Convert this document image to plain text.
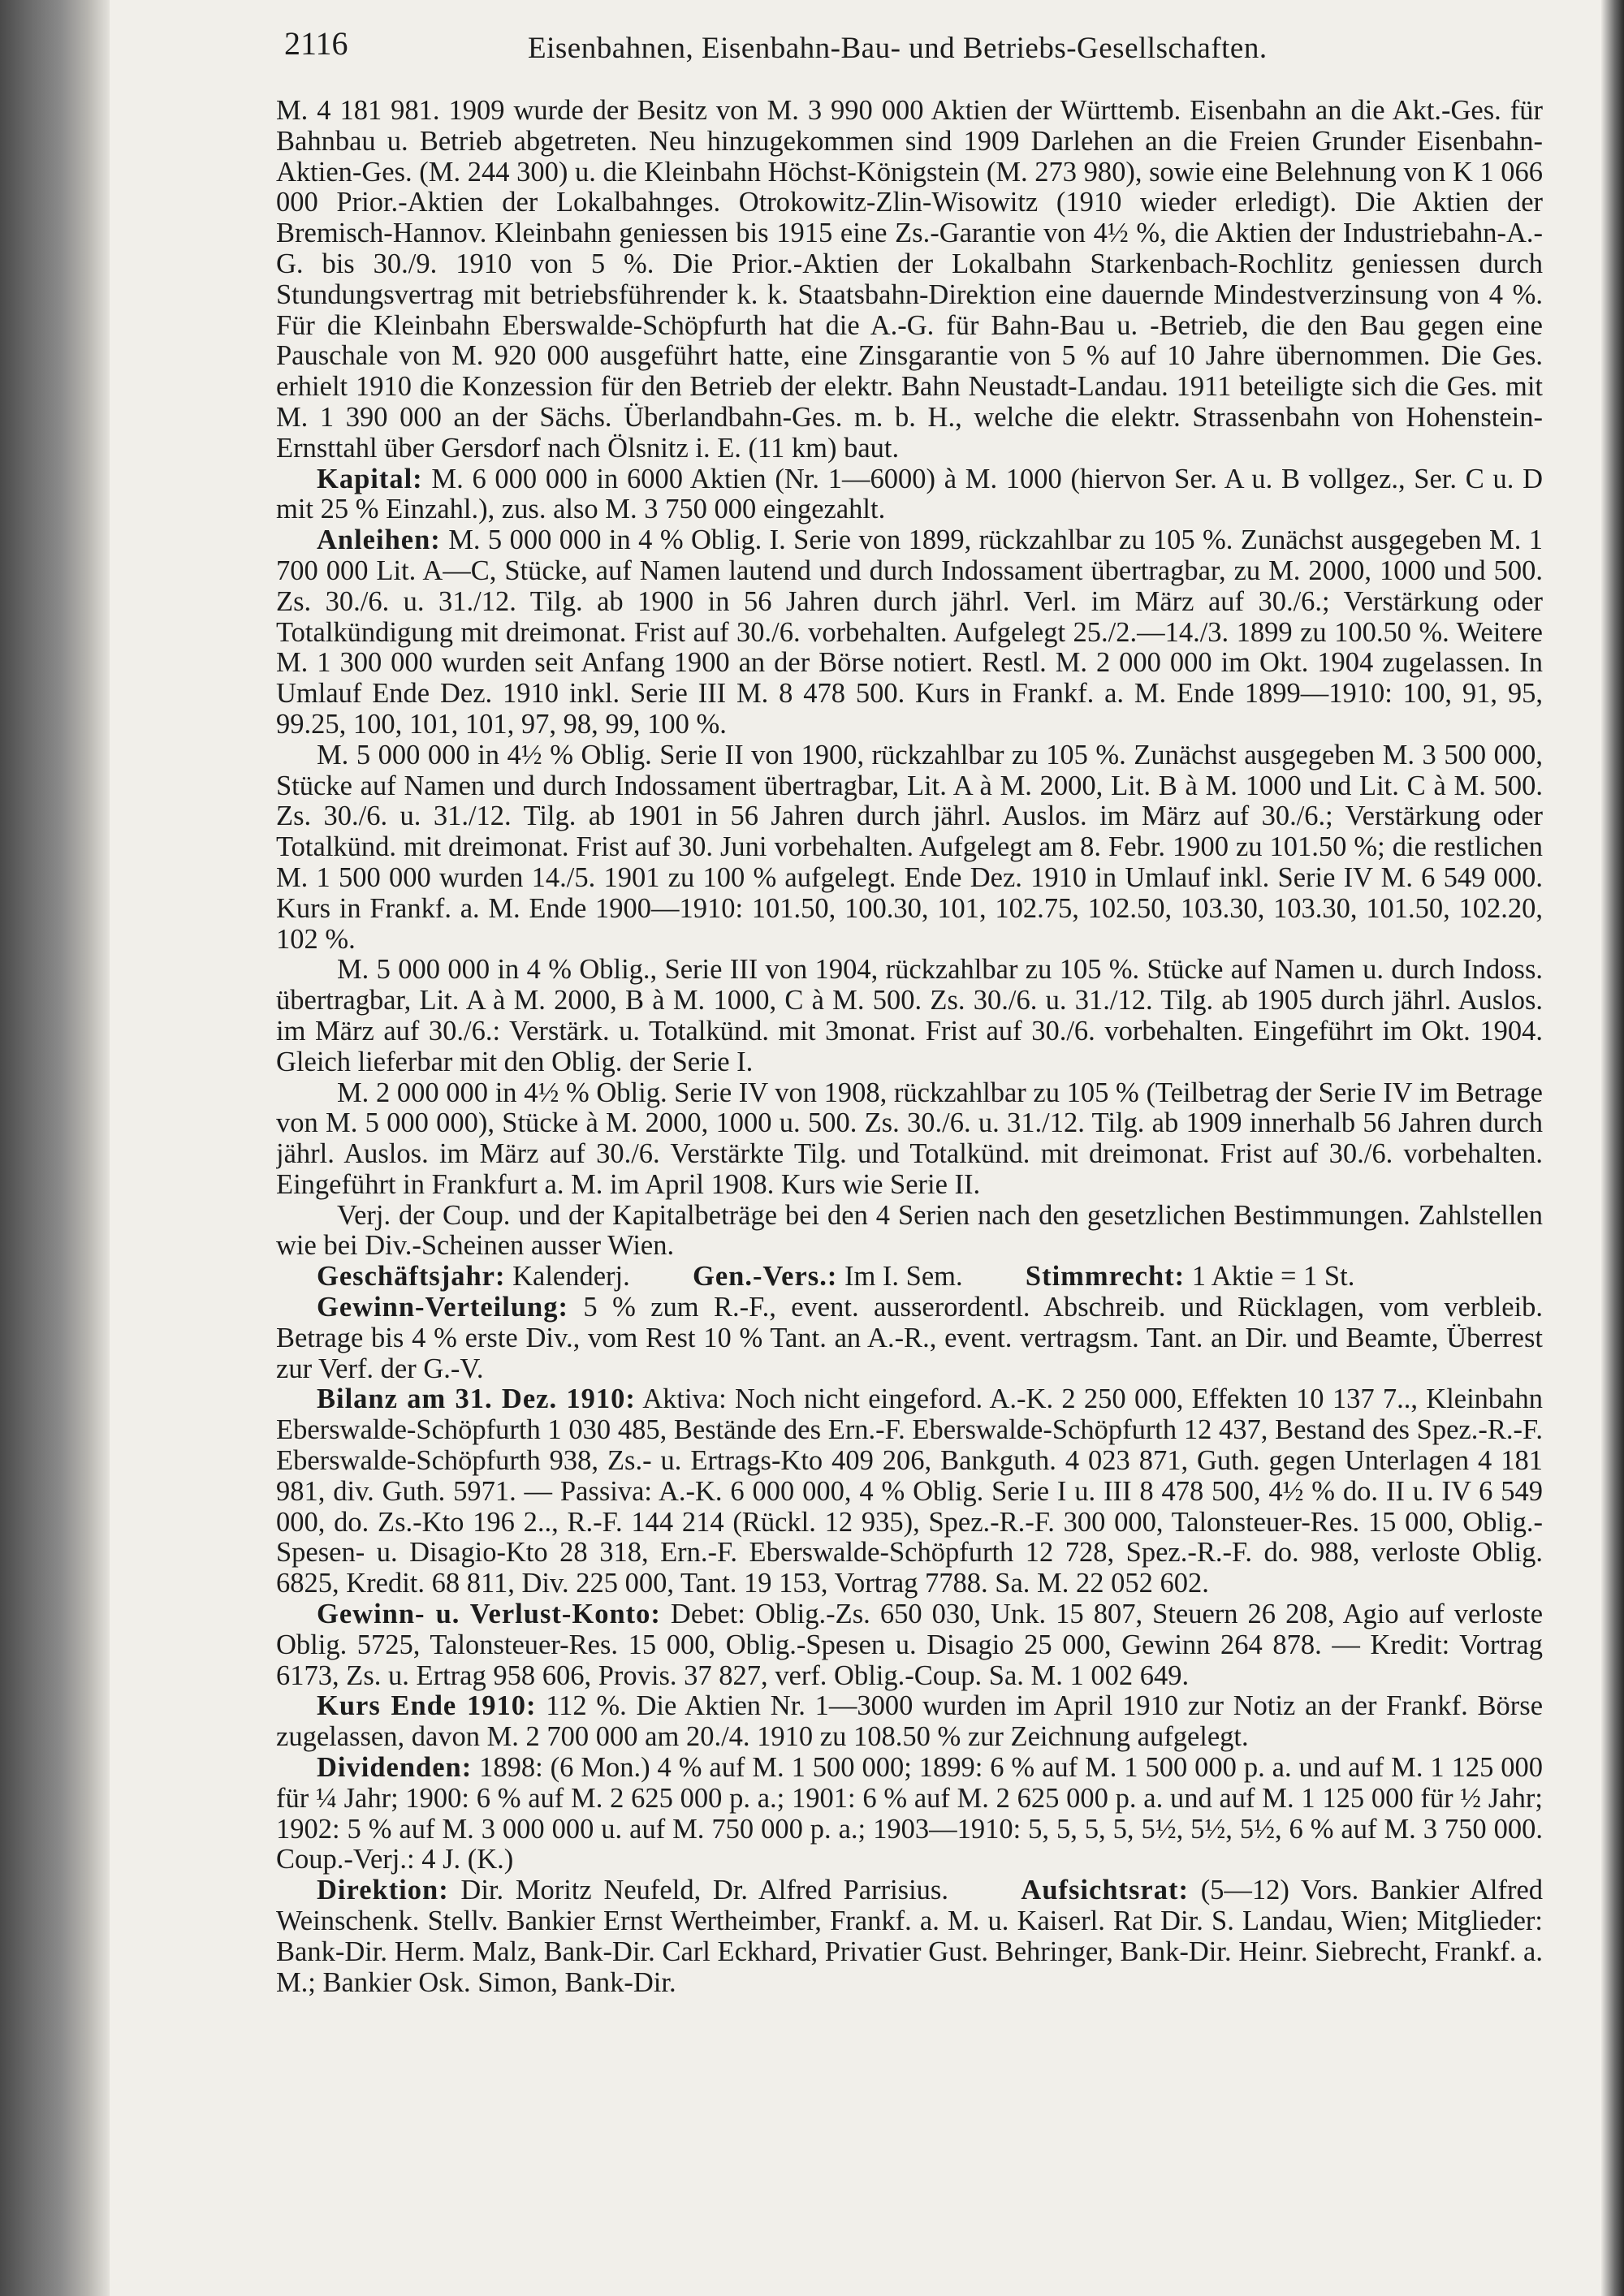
2116	Eisenbahnen, Eisenbahn-Bau- und Betriebs-Gesellschaften.

M. 4 181 981. 1909 wurde der Besitz von M. 3 990 000 Aktien der Württemb. Eisenbahn an die Akt.-Ges. für Bahnbau u. Betrieb abgetreten. Neu hinzugekommen sind 1909 Darlehen an die Freien Grunder Eisenbahn-Aktien-Ges. (M. 244 300) u. die Kleinbahn Höchst-Königstein (M. 273 980), sowie eine Belehnung von K 1 066 000 Prior.-Aktien der Lokalbahnges. Otrokowitz-Zlin-Wisowitz (1910 wieder erledigt). Die Aktien der Bremisch-Hannov. Kleinbahn geniessen bis 1915 eine Zs.-Garantie von 4½ %, die Aktien der Industriebahn-A.-G. bis 30./9. 1910 von 5 %. Die Prior.-Aktien der Lokalbahn Starkenbach-Rochlitz geniessen durch Stundungsvertrag mit betriebsführender k. k. Staatsbahn-Direktion eine dauernde Mindestverzinsung von 4 %. Für die Kleinbahn Eberswalde-Schöpfurth hat die A.-G. für Bahn-Bau u. -Betrieb, die den Bau gegen eine Pauschale von M. 920 000 ausgeführt hatte, eine Zinsgarantie von 5 % auf 10 Jahre übernommen. Die Ges. erhielt 1910 die Konzession für den Betrieb der elektr. Bahn Neustadt-Landau. 1911 beteiligte sich die Ges. mit M. 1 390 000 an der Sächs. Überlandbahn-Ges. m. b. H., welche die elektr. Strassenbahn von Hohenstein-Ernsttahl über Gersdorf nach Ölsnitz i. E. (11 km) baut.

Kapital: M. 6 000 000 in 6000 Aktien (Nr. 1—6000) à M. 1000 (hiervon Ser. A u. B vollgez., Ser. C u. D mit 25 % Einzahl.), zus. also M. 3 750 000 eingezahlt.

Anleihen: M. 5 000 000 in 4 % Oblig. I. Serie von 1899, rückzahlbar zu 105 %. Zunächst ausgegeben M. 1 700 000 Lit. A—C, Stücke, auf Namen lautend und durch Indossament übertragbar, zu M. 2000, 1000 und 500. Zs. 30./6. u. 31./12. Tilg. ab 1900 in 56 Jahren durch jährl. Verl. im März auf 30./6.; Verstärkung oder Totalkündigung mit dreimonat. Frist auf 30./6. vorbehalten. Aufgelegt 25./2.—14./3. 1899 zu 100.50 %. Weitere M. 1 300 000 wurden seit Anfang 1900 an der Börse notiert. Restl. M. 2 000 000 im Okt. 1904 zugelassen. In Umlauf Ende Dez. 1910 inkl. Serie III M. 8 478 500. Kurs in Frankf. a. M. Ende 1899—1910: 100, 91, 95, 99.25, 100, 101, 101, 97, 98, 99, 100 %.

M. 5 000 000 in 4½ % Oblig. Serie II von 1900, rückzahlbar zu 105 %. Zunächst ausgegeben M. 3 500 000, Stücke auf Namen und durch Indossament übertragbar, Lit. A à M. 2000, Lit. B à M. 1000 und Lit. C à M. 500. Zs. 30./6. u. 31./12. Tilg. ab 1901 in 56 Jahren durch jährl. Auslos. im März auf 30./6.; Verstärkung oder Totalkünd. mit dreimonat. Frist auf 30. Juni vorbehalten. Aufgelegt am 8. Febr. 1900 zu 101.50 %; die restlichen M. 1 500 000 wurden 14./5. 1901 zu 100 % aufgelegt. Ende Dez. 1910 in Umlauf inkl. Serie IV M. 6 549 000. Kurs in Frankf. a. M. Ende 1900—1910: 101.50, 100.30, 101, 102.75, 102.50, 103.30, 103.30, 101.50, 102.20, 102 %.

M. 5 000 000 in 4 % Oblig., Serie III von 1904, rückzahlbar zu 105 %. Stücke auf Namen u. durch Indoss. übertragbar, Lit. A à M. 2000, B à M. 1000, C à M. 500. Zs. 30./6. u. 31./12. Tilg. ab 1905 durch jährl. Auslos. im März auf 30./6.: Verstärk. u. Totalkünd. mit 3monat. Frist auf 30./6. vorbehalten. Eingeführt im Okt. 1904. Gleich lieferbar mit den Oblig. der Serie I.

M. 2 000 000 in 4½ % Oblig. Serie IV von 1908, rückzahlbar zu 105 % (Teilbetrag der Serie IV im Betrage von M. 5 000 000), Stücke à M. 2000, 1000 u. 500. Zs. 30./6. u. 31./12. Tilg. ab 1909 innerhalb 56 Jahren durch jährl. Auslos. im März auf 30./6. Verstärkte Tilg. und Totalkünd. mit dreimonat. Frist auf 30./6. vorbehalten. Eingeführt in Frankfurt a. M. im April 1908. Kurs wie Serie II.

Verj. der Coup. und der Kapitalbeträge bei den 4 Serien nach den gesetzlichen Bestimmungen. Zahlstellen wie bei Div.-Scheinen ausser Wien.

Geschäftsjahr: Kalenderj. Gen.-Vers.: Im I. Sem. Stimmrecht: 1 Aktie = 1 St.

Gewinn-Verteilung: 5 % zum R.-F., event. ausserordentl. Abschreib. und Rücklagen, vom verbleib. Betrage bis 4 % erste Div., vom Rest 10 % Tant. an A.-R., event. vertragsm. Tant. an Dir. und Beamte, Überrest zur Verf. der G.-V.

Bilanz am 31. Dez. 1910: Aktiva: Noch nicht eingeford. A.-K. 2 250 000, Effekten 10 137 7.., Kleinbahn Eberswalde-Schöpfurth 1 030 485, Bestände des Ern.-F. Eberswalde-Schöpfurth 12 437, Bestand des Spez.-R.-F. Eberswalde-Schöpfurth 938, Zs.- u. Ertrags-Kto 409 206, Bankguth. 4 023 871, Guth. gegen Unterlagen 4 181 981, div. Guth. 5971. — Passiva: A.-K. 6 000 000, 4 % Oblig. Serie I u. III 8 478 500, 4½ % do. II u. IV 6 549 000, do. Zs.-Kto 196 2.., R.-F. 144 214 (Rückl. 12 935), Spez.-R.-F. 300 000, Talonsteuer-Res. 15 000, Oblig.-Spesen- u. Disagio-Kto 28 318, Ern.-F. Eberswalde-Schöpfurth 12 728, Spez.-R.-F. do. 988, verloste Oblig. 6825, Kredit. 68 811, Div. 225 000, Tant. 19 153, Vortrag 7788. Sa. M. 22 052 602.

Gewinn- u. Verlust-Konto: Debet: Oblig.-Zs. 650 030, Unk. 15 807, Steuern 26 208, Agio auf verloste Oblig. 5725, Talonsteuer-Res. 15 000, Oblig.-Spesen u. Disagio 25 000, Gewinn 264 878. — Kredit: Vortrag 6173, Zs. u. Ertrag 958 606, Provis. 37 827, verf. Oblig.-Coup. Sa. M. 1 002 649.

Kurs Ende 1910: 112 %. Die Aktien Nr. 1—3000 wurden im April 1910 zur Notiz an der Frankf. Börse zugelassen, davon M. 2 700 000 am 20./4. 1910 zu 108.50 % zur Zeichnung aufgelegt.

Dividenden: 1898: (6 Mon.) 4 % auf M. 1 500 000; 1899: 6 % auf M. 1 500 000 p. a. und auf M. 1 125 000 für ¼ Jahr; 1900: 6 % auf M. 2 625 000 p. a.; 1901: 6 % auf M. 2 625 000 p. a. und auf M. 1 125 000 für ½ Jahr; 1902: 5 % auf M. 3 000 000 u. auf M. 750 000 p. a.; 1903—1910: 5, 5, 5, 5, 5½, 5½, 5½, 6 % auf M. 3 750 000. Coup.-Verj.: 4 J. (K.)

Direktion: Dir. Moritz Neufeld, Dr. Alfred Parrisius.	Aufsichtsrat: (5—12) Vors. Bankier Alfred Weinschenk. Stellv. Bankier Ernst Wertheimber, Frankf. a. M. u. Kaiserl. Rat Dir. S. Landau, Wien; Mitglieder: Bank-Dir. Herm. Malz, Bank-Dir. Carl Eckhard, Privatier Gust. Behringer, Bank-Dir. Heinr. Siebrecht, Frankf. a. M.; Bankier Osk. Simon, Bank-Dir.
